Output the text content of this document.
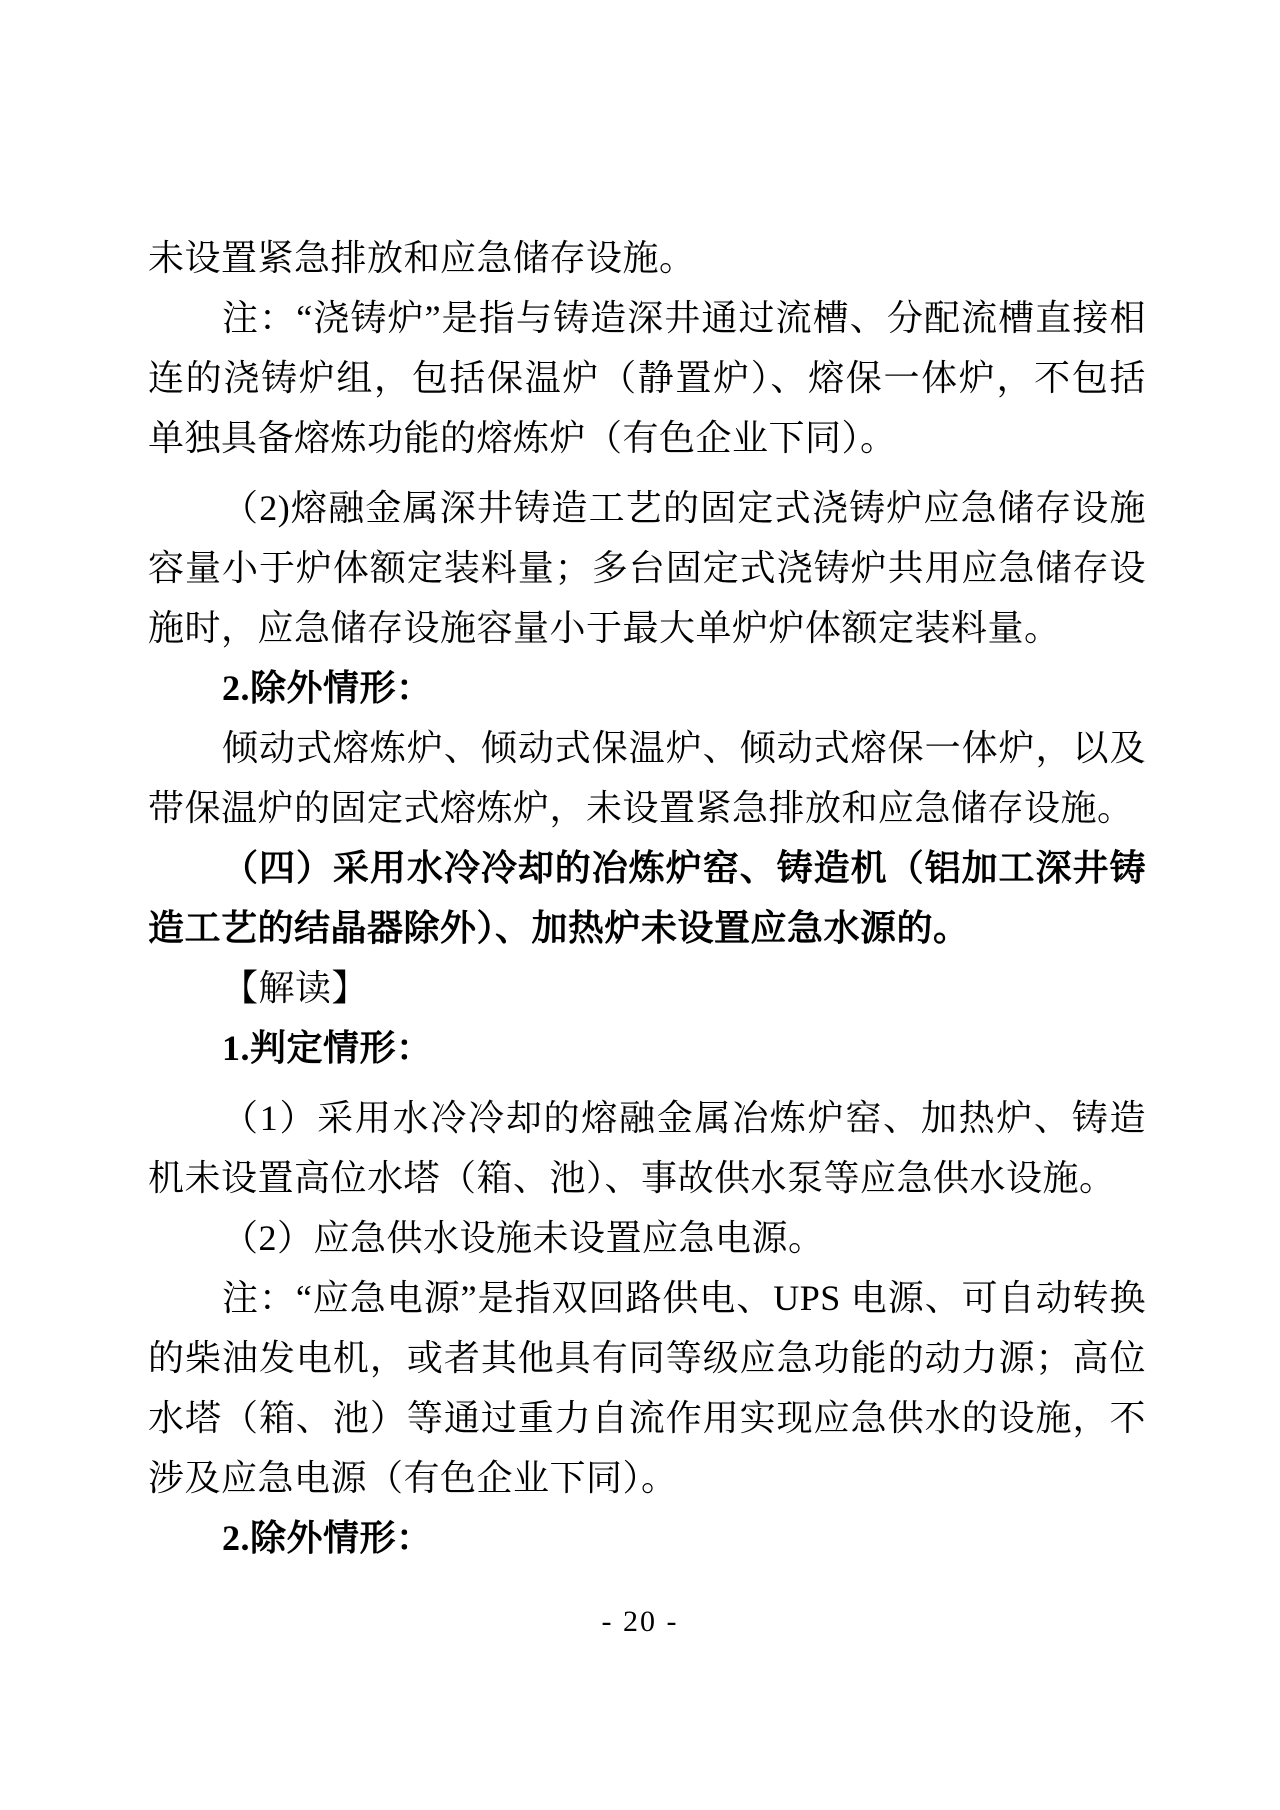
未设置紧急排放和应急储存设施。

注：“浇铸炉”是指与铸造深井通过流槽、分配流槽直接相连的浇铸炉组，包括保温炉（静置炉）、熔保一体炉，不包括单独具备熔炼功能的熔炼炉（有色企业下同）。

（2)熔融金属深井铸造工艺的固定式浇铸炉应急储存设施容量小于炉体额定装料量；多台固定式浇铸炉共用应急储存设施时，应急储存设施容量小于最大单炉炉体额定装料量。

2.除外情形：

倾动式熔炼炉、倾动式保温炉、倾动式熔保一体炉，以及带保温炉的固定式熔炼炉，未设置紧急排放和应急储存设施。

（四）采用水冷冷却的冶炼炉窑、铸造机（铝加工深井铸造工艺的结晶器除外）、加热炉未设置应急水源的。

【解读】

1.判定情形：

（1）采用水冷冷却的熔融金属冶炼炉窑、加热炉、铸造机未设置高位水塔（箱、池）、事故供水泵等应急供水设施。

（2）应急供水设施未设置应急电源。

注：“应急电源”是指双回路供电、UPS 电源、可自动转换的柴油发电机，或者其他具有同等级应急功能的动力源；高位水塔（箱、池）等通过重力自流作用实现应急供水的设施，不涉及应急电源（有色企业下同）。

2.除外情形：

- 20 -
